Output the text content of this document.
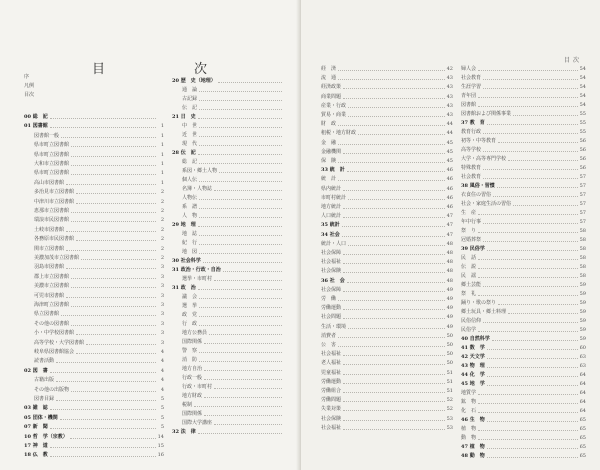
目　次
序
凡例
目次
00 総　記
01 図書館	1
図書館一般	1
県市町立図書館	1
県市町立図書館	1
大和市立図書館	1
県市町立図書館	1
高山市図書館	1
多治見市立図書館	2
中津川市立図書館	2
恵那市立図書館	2
瑞浪市民図書館	2
土岐市図書館	2
各務原市民図書館	2
関市立図書館	2
美濃加茂市立図書館	2
羽島市図書館	3
郡上市立図書館	3
美濃市立図書館	3
可児市図書館	3
海津町立図書館	3
県立図書館	3
その他の図書館	3
小・中学校図書館	3
高等学校・大学図書館	3
岐阜県図書館協会	4
読書活動	4
02 図　書	4
古籍出版	4
その他の出版物	4
図書目録	5
03 雑　誌	5
05 団体・機関	5
07 新　聞	5
10 哲　学（宗教）	14
17 神　道	15
18 仏　教	16
20 歴　史（地理）
通　論
古記録
伝　記
21 日　史
中　世
近　世
現　代
28 伝　記
総　記
系図・郷土人物
個人伝
名簿・人物誌
人物伝
系　譜
人　物
29 地　理
地　誌
紀　行
地　図
30 社会科学
31 政治・行政・自治
選挙・市町村
31 政　治
議　会
選　挙
政　党
行　政
地方公務員
国際関係
警　察
消　防
地方自治
行政一般
行政・市町村
地方財政
税制
国際関係
国際大学講座
32 法　律
目次
経　済	42
流　通	43
経済政策	43
商業問題	43
産業・行政	43
貿易・商業	43
財　政	44
租税・地方財政	44
金　融	45
金融機関	45
保　険	45
33 統　計	46
統　計	46
県内統計	46
市町村統計	46
地方統計	46
人口統計	47
35 統計	47
34 社会	47
統計・人口	48
社会保障	48
社会福祉	48
社会保険	48
36 社　会	48
社会保障	49
労　働	49
労働運動	49
社会問題	49
生活・環境	49
消費者	50
公　害	50
社会福祉	50
老人福祉	50
児童福祉	51
労働運動	51
労働組合	51
労働問題	52
失業対策	52
社会保険	53
社会福祉	53
婦人会	54
社会教育	54
生涯学習	54
青年団	54
図書館	54
図書館および関係事業	55
37 教　育	55
教育行政	55
初等・中等教育	56
高等学校	56
大学・高等専門学校	56
特殊教育	56
社会教育	57
38 風俗・習慣	57
衣食住の習俗	57
社会・家庭生活の習俗	57
生　産	57
年中行事	57
祭　り	58
冠婚葬祭	58
39 民俗学	58
民　話	58
伝　説	58
民　謡	58
郷土芸能	59
祭　礼	59
踊り・歌の祭り	59
郷土玩具・郷土料理	59
民俗信仰	59
民俗学	59
40 自然科学	59
41 数　学	60
42 天文学	63
43 物　理	63
44 化　学	64
45 地　学	64
地質学	64
鉱　物	64
化　石	64
46 生　物	65
植　物	65
動　物	65
47 植　物	65
48 動　物	65
